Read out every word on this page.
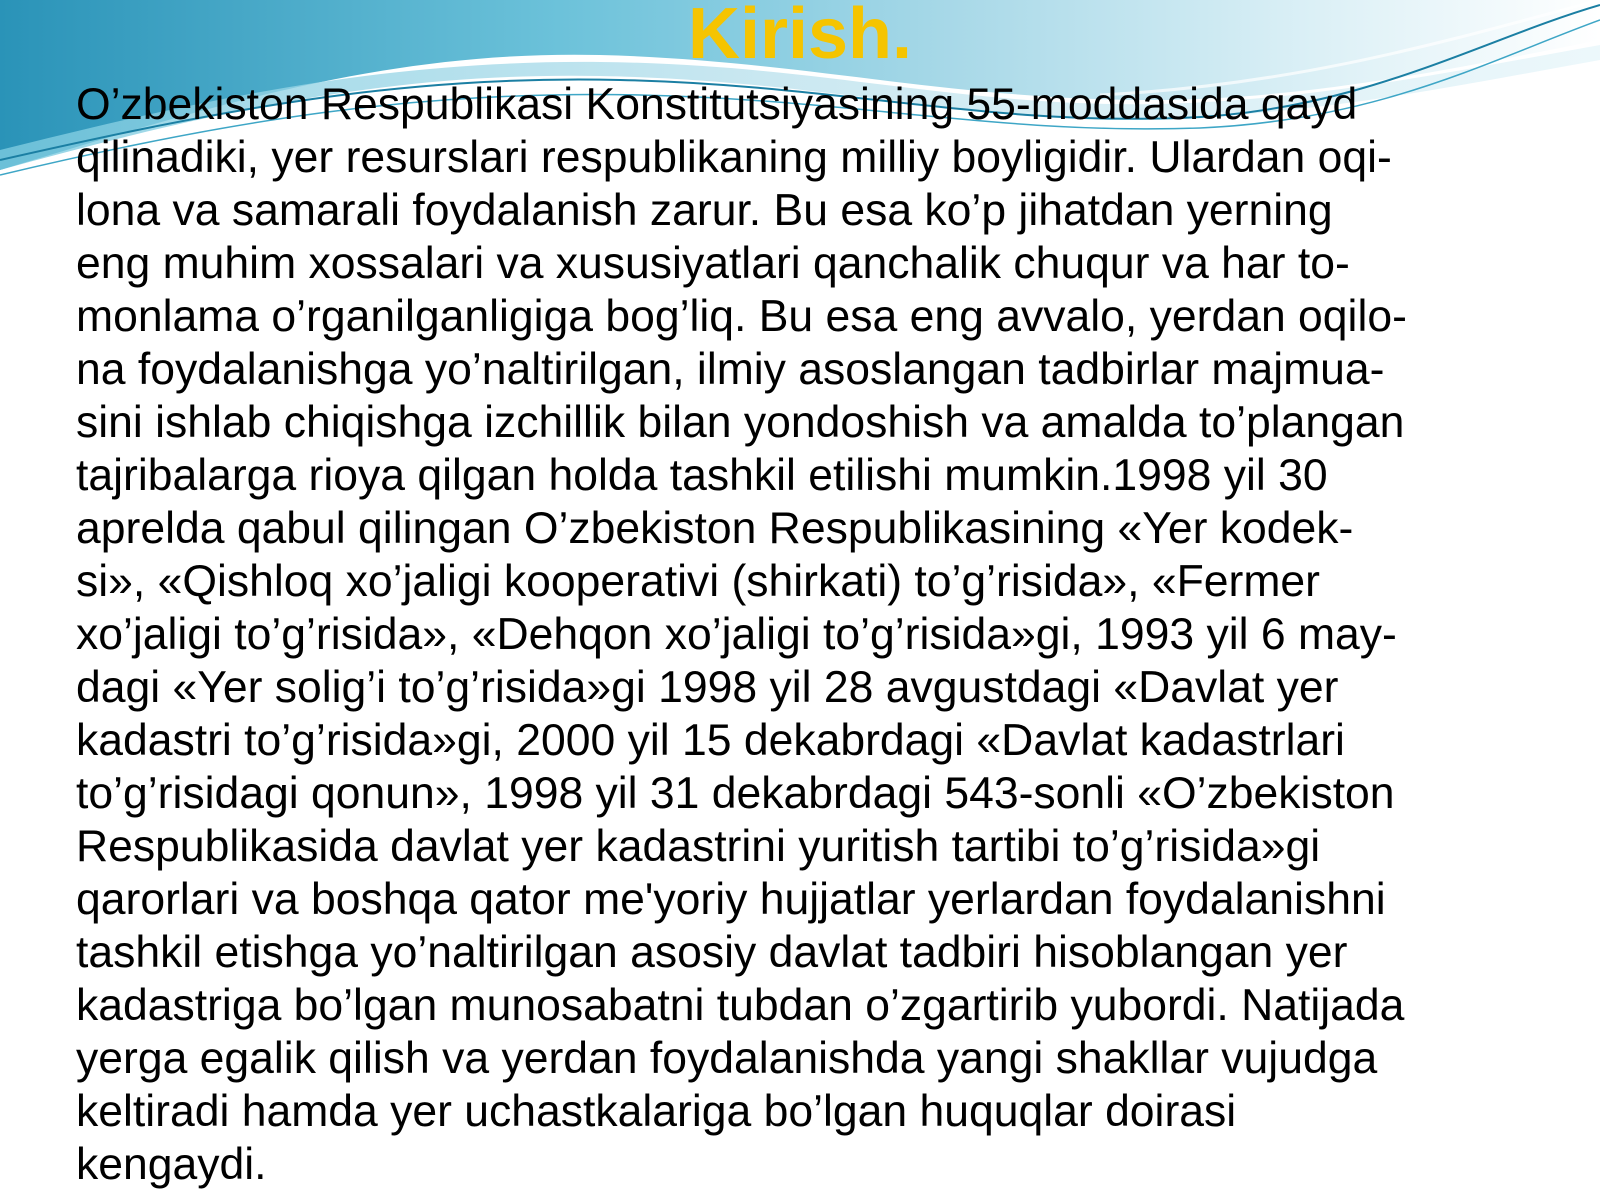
Kirish.

O’zbekiston Respublikasi Konstitutsiyasining 55-moddasida qayd
qilinadiki, yer resurslari respublikaning milliy boyligidir. Ulardan oqi-
lona va samarali foydalanish zarur. Bu esa ko’p jihatdan yerning
eng muhim xossalari va xususiyatlari qanchalik chuqur va har to-
monlama o’rganilganligiga bog’liq. Bu esa eng avvalo, yerdan oqilo-
na foydalanishga yo’naltirilgan, ilmiy asoslangan tadbirlar majmua-
sini ishlab chiqishga izchillik bilan yondoshish va amalda to’plangan
tajribalarga rioya qilgan holda tashkil etilishi mumkin.1998 yil 30
aprelda qabul qilingan O’zbekiston Respublikasining «Yer kodek-
si», «Qishloq xo’jaligi kooperativi (shirkati) to’g’risida», «Fermer
xo’jaligi to’g’risida», «Dehqon xo’jaligi to’g’risida»gi, 1993 yil 6 may-
dagi «Yer solig’i to’g’risida»gi 1998 yil 28 avgustdagi «Davlat yer
kadastri to’g’risida»gi, 2000 yil 15 dekabrdagi «Davlat kadastrlari
to’g’risidagi qonun», 1998 yil 31 dekabrdagi 543-sonli «O’zbekiston
Respublikasida davlat yer kadastrini yuritish tartibi to’g’risida»gi
qarorlari va boshqa qator me'yoriy hujjatlar yerlardan foydalanishni
tashkil etishga yo’naltirilgan asosiy davlat tadbiri hisoblangan yer
kadastriga bo’lgan munosabatni tubdan o’zgartirib yubordi. Natijada
yerga egalik qilish va yerdan foydalanishda yangi shakllar vujudga
keltiradi hamda yer uchastkalariga bo’lgan huquqlar doirasi
kengaydi.
